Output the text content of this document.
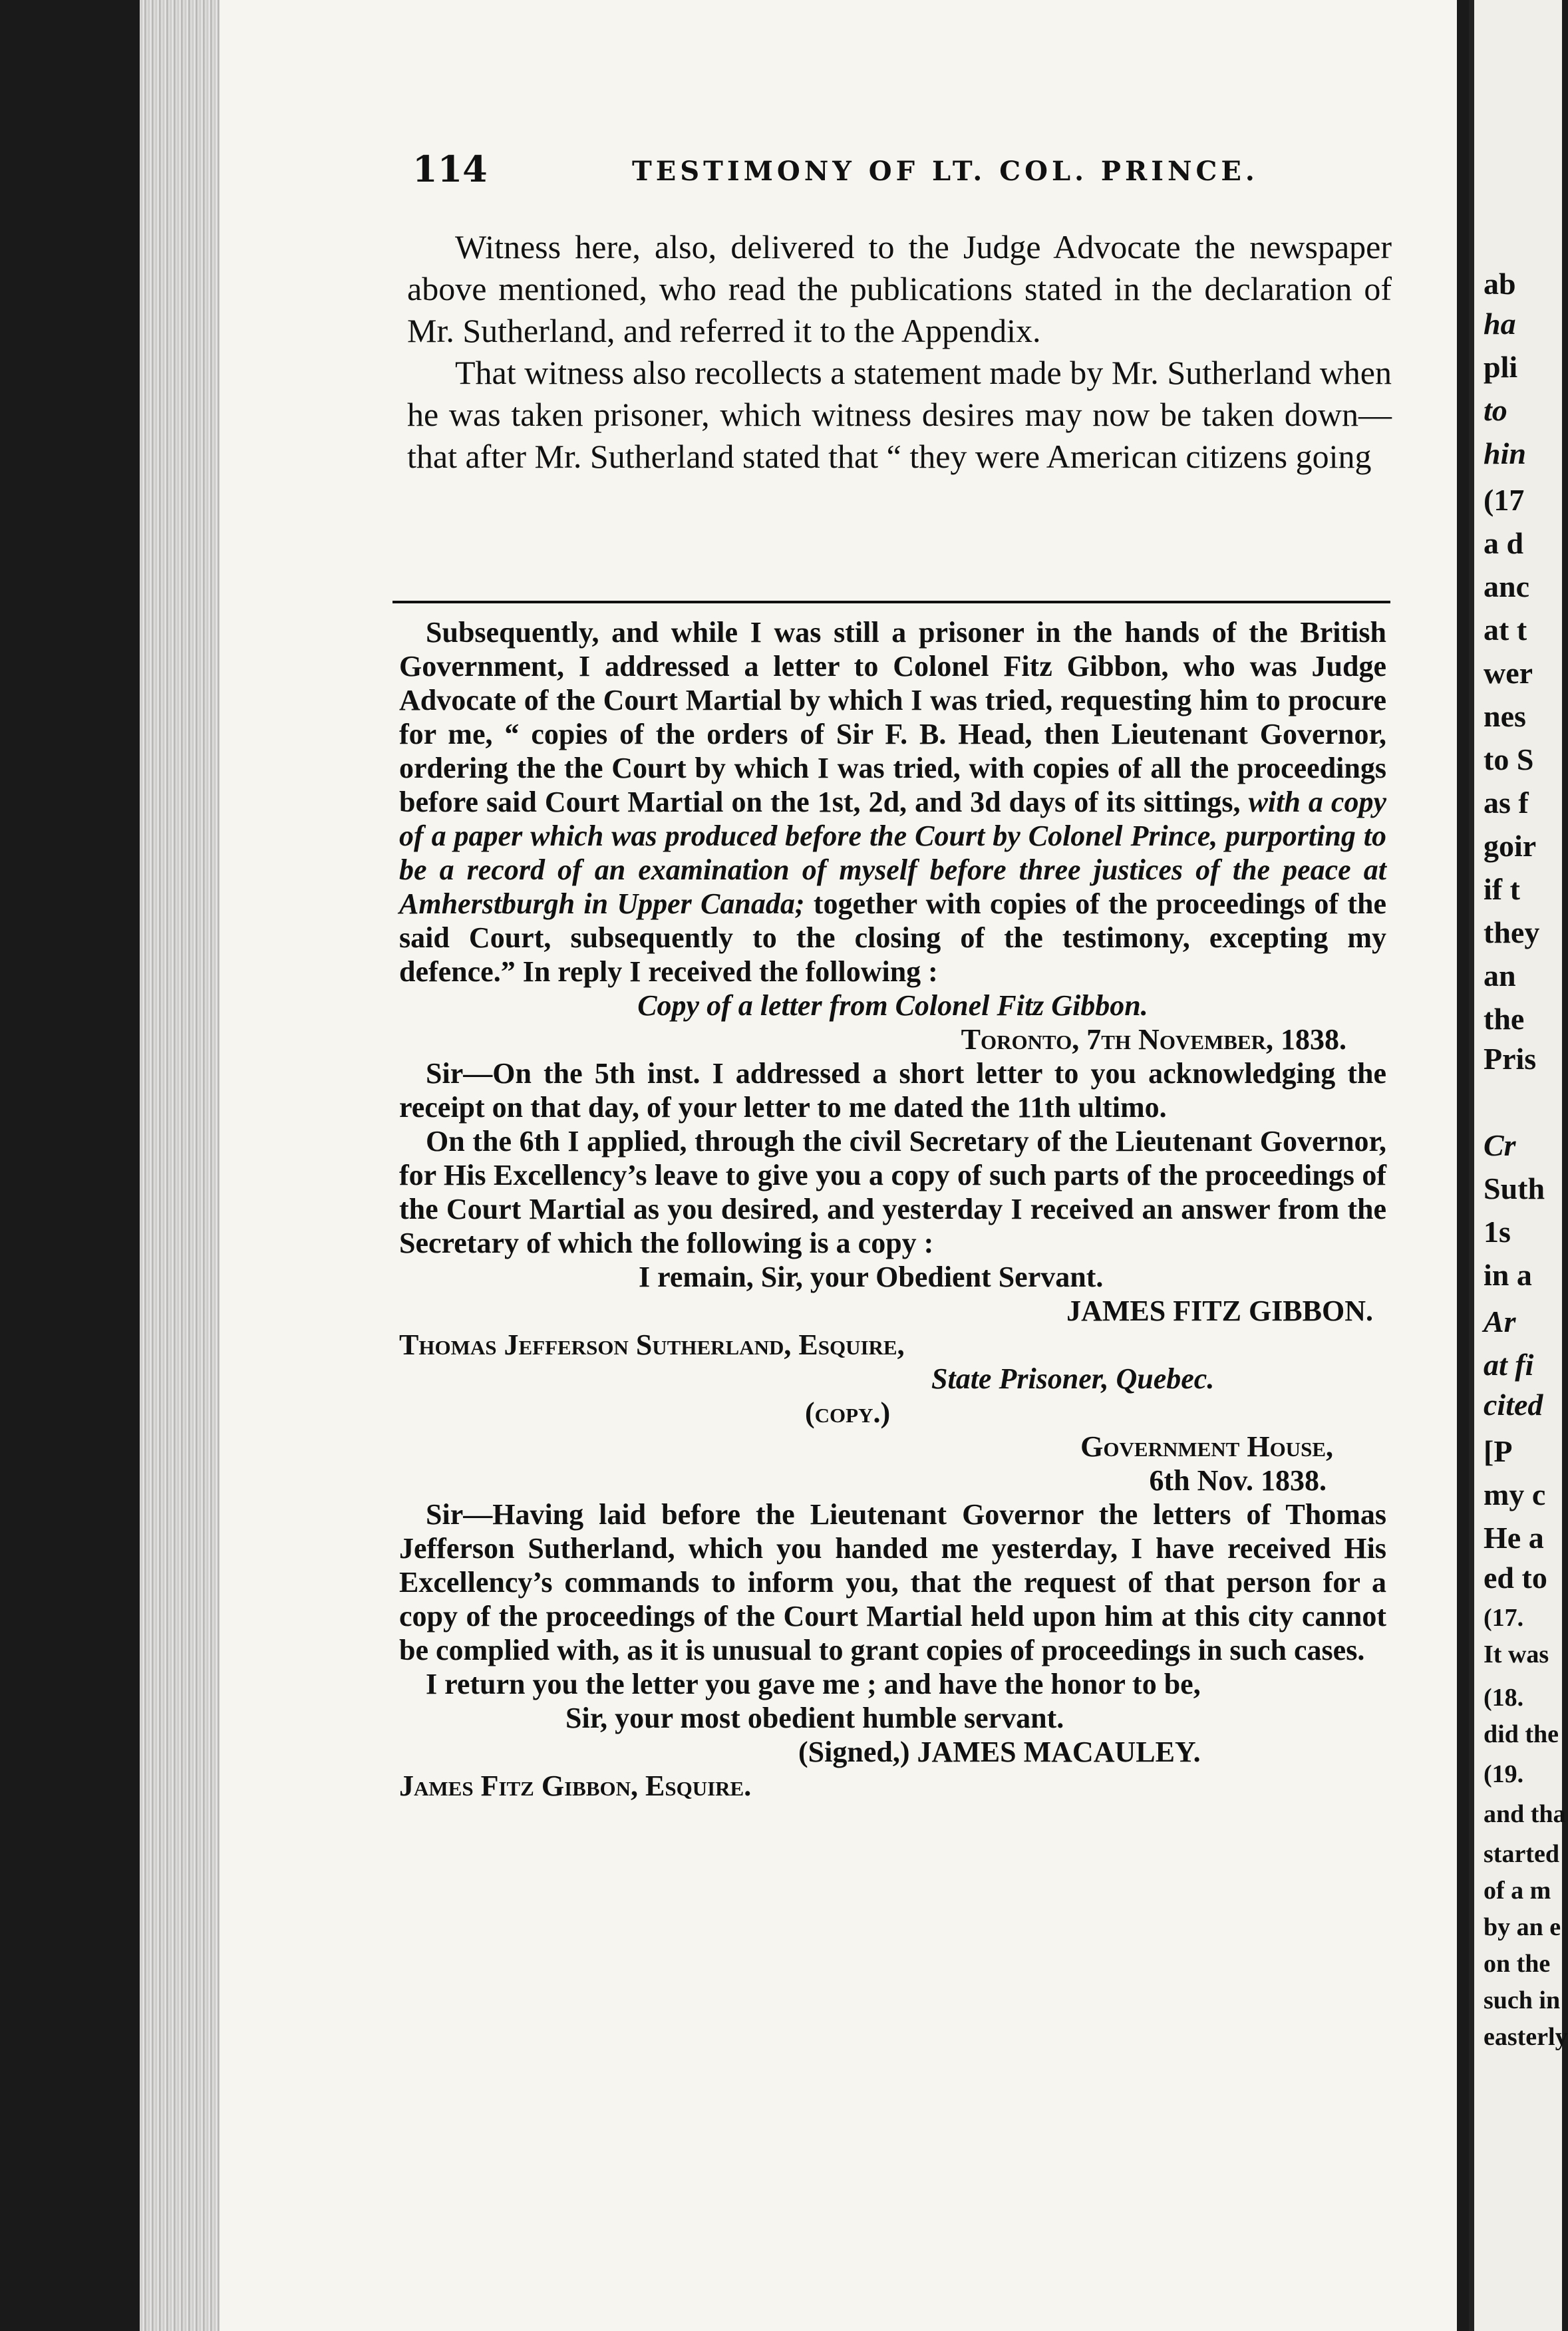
114	TESTIMONY OF LT. COL. PRINCE.

Witness here, also, delivered to the Judge Advocate the newspaper above mentioned, who read the publications stated in the declaration of Mr. Sutherland, and referred it to the Appendix.

That witness also recollects a statement made by Mr. Sutherland when he was taken prisoner, which witness desires may now be taken down—that after Mr. Sutherland stated that “ they were American citizens going

Subsequently, and while I was still a prisoner in the hands of the British Government, I addressed a letter to Colonel Fitz Gibbon, who was Judge Advocate of the Court Martial by which I was tried, requesting him to procure for me, “ copies of the orders of Sir F. B. Head, then Lieutenant Governor, ordering the the Court by which I was tried, with copies of all the proceedings before said Court Martial on the 1st, 2d, and 3d days of its sittings, with a copy of a paper which was produced before the Court by Colonel Prince, purporting to be a record of an examination of myself before three justices of the peace at Amherstburgh in Upper Canada; together with copies of the proceedings of the said Court, subsequently to the closing of the testimony, excepting my defence.” In reply I received the following :

Copy of a letter from Colonel Fitz Gibbon.

Toronto, 7th November, 1838.

Sir—On the 5th inst. I addressed a short letter to you acknowledging the receipt on that day, of your letter to me dated the 11th ultimo.

On the 6th I applied, through the civil Secretary of the Lieutenant Governor, for His Excellency’s leave to give you a copy of such parts of the proceedings of the Court Martial as you desired, and yesterday I received an answer from the Secretary of which the following is a copy :

I remain, Sir, your Obedient Servant.

JAMES FITZ GIBBON.

Thomas Jefferson Sutherland, Esquire,

State Prisoner, Quebec.

(copy.)

Government House,

6th Nov. 1838.

Sir—Having laid before the Lieutenant Governor the letters of Thomas Jefferson Sutherland, which you handed me yesterday, I have received His Excellency’s commands to inform you, that the request of that person for a copy of the proceedings of the Court Martial held upon him at this city cannot be complied with, as it is unusual to grant copies of proceedings in such cases.

I return you the letter you gave me ; and have the honor to be,

Sir, your most obedient humble servant.

(Signed,) JAMES MACAULEY.

James Fitz Gibbon, Esquire.

ab
ha
pli
to
hin
(17
a d
anc
at t
wer
nes
to S
as f
goir
if t
they
an
the
Pris
Cr
Suth
1s
in a
Ar
at fi
cited
[P
my c
He a
ed to
(17.
It was
(18.
did the
(19.
and tha
started
of a m
by an e
on the
such in
easterly
